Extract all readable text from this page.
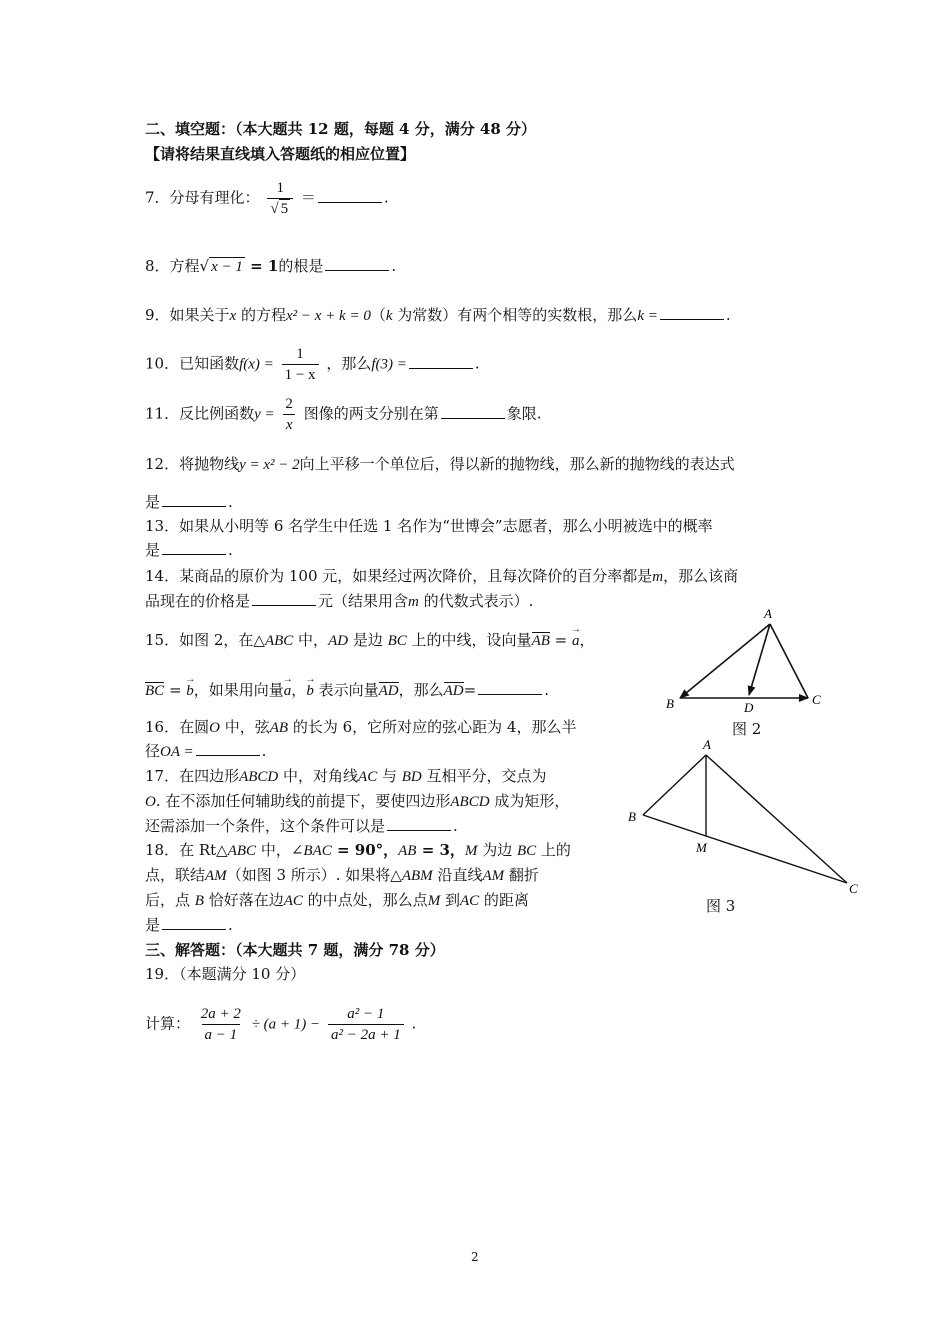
二、填空题：（本大题共 12 题，每题 4 分，满分 48 分）
【请将结果直线填入答题纸的相应位置】
7．分母有理化： $\frac{1}{√ 5}$ ＝	.
8．方程√ x − 1 = 1的根是	.
9．如果关于x 的方程x² − x + k = 0（k 为常数）有两个相等的实数根，那么k =	.
10．已知函数$f(x) = \frac{1}{1 - x}$ ，那么f(3) =	.
11．反比例函数$y = \frac{2}{x}$ 图像的两支分别在第	象限.
12．将抛物线y = x² − 2向上平移一个单位后，得以新的抛物线，那么新的抛物线的表达式
是	.
13．如果从小明等 6 名学生中任选 1 名作为“世博会”志愿者，那么小明被选中的概率
是	.
14．某商品的原价为 100 元，如果经过两次降价，且每次降价的百分率都是m，那么该商
品现在的价格是	元（结果用含m 的代数式表示）.
15．如图 2，在△ABC 中，AD 是边 BC 上的中线，设向量AB = → a，
BC = → b，如果用向量→ a，→ b 表示向量AD，那么AD=	.
16．在圆O 中，弦AB 的长为 6，它所对应的弦心距为 4，那么半
径OA =	.
17．在四边形ABCD 中，对角线AC 与 BD 互相平分，交点为
O. 在不添加任何辅助线的前提下，要使四边形ABCD 成为矩形，
还需添加一个条件，这个条件可以是	.
18．在 Rt△ABC 中，∠BAC = 90°，AB = 3，M 为边 BC 上的
点，联结AM（如图 3 所示）. 如果将△ABM 沿直线AM 翻折
后，点 B 恰好落在边AC 的中点处，那么点M 到AC 的距离
是	.
三、解答题：（本大题共 7 题，满分 78 分）
19．（本题满分 10 分）
计算： $\frac{2a + 2}{a - 1} \div (a + 1) - \frac{\text{a² − 1}}{\text{a² − 2a + 1}}$ .
A
B	C
D
图 2
A
B
C
M
图 3
2
